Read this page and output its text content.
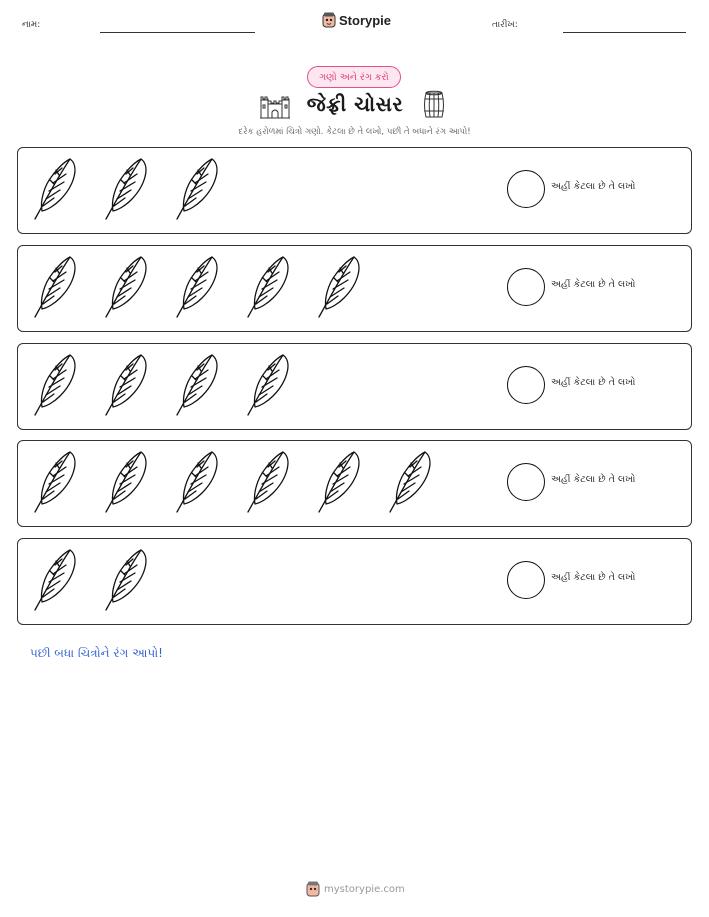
નામ:	Storypie	તારીખ:
ગણો અને રંગ કરો
જેફ્રી ચોસર
દરેક હરોળમાં ચિત્રો ગણો. કેટલા છે તે લખો, પછી તે બધાને રંગ આપો!
અહીં કેટલા છે તે લખો
અહીં કેટલા છે તે લખો
અહીં કેટલા છે તે લખો
અહીં કેટલા છે તે લખો
અહીં કેટલા છે તે લખો
પછી બધા ચિત્રોને રંગ આપો!
mystorypie.com
